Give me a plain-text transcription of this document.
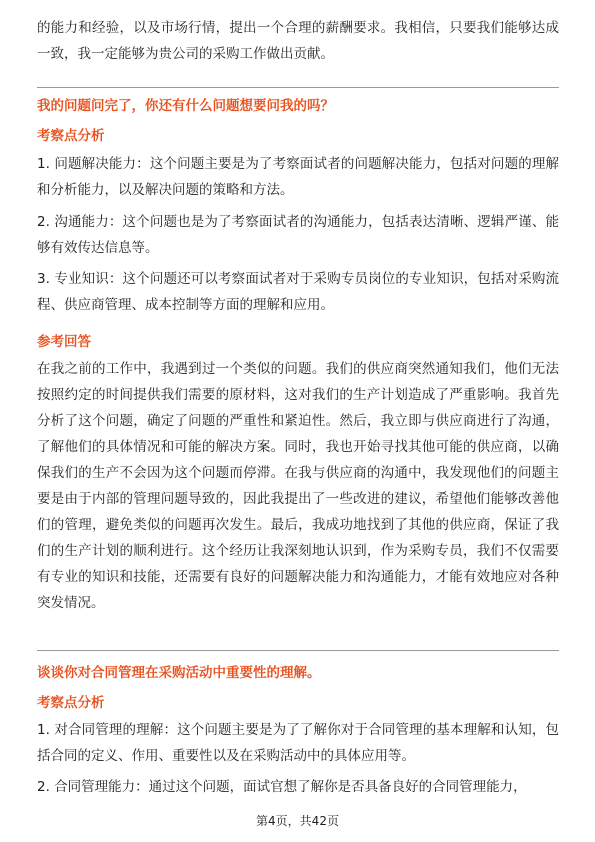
的能力和经验，以及市场行情，提出一个合理的薪酬要求。我相信，只要我们能够达成一致，我一定能够为贵公司的采购工作做出贡献。

我的问题问完了，你还有什么问题想要问我的吗？

考察点分析

1. 问题解决能力：这个问题主要是为了考察面试者的问题解决能力，包括对问题的理解和分析能力，以及解决问题的策略和方法。

2. 沟通能力：这个问题也是为了考察面试者的沟通能力，包括表达清晰、逻辑严谨、能够有效传达信息等。

3. 专业知识：这个问题还可以考察面试者对于采购专员岗位的专业知识，包括对采购流程、供应商管理、成本控制等方面的理解和应用。

参考回答

在我之前的工作中，我遇到过一个类似的问题。我们的供应商突然通知我们，他们无法按照约定的时间提供我们需要的原材料，这对我们的生产计划造成了严重影响。我首先分析了这个问题，确定了问题的严重性和紧迫性。然后，我立即与供应商进行了沟通，了解他们的具体情况和可能的解决方案。同时，我也开始寻找其他可能的供应商，以确保我们的生产不会因为这个问题而停滞。在我与供应商的沟通中，我发现他们的问题主要是由于内部的管理问题导致的，因此我提出了一些改进的建议，希望他们能够改善他们的管理，避免类似的问题再次发生。最后，我成功地找到了其他的供应商，保证了我们的生产计划的顺利进行。这个经历让我深刻地认识到，作为采购专员，我们不仅需要有专业的知识和技能，还需要有良好的问题解决能力和沟通能力，才能有效地应对各种突发情况。

谈谈你对合同管理在采购活动中重要性的理解。

考察点分析

1. 对合同管理的理解：这个问题主要是为了了解你对于合同管理的基本理解和认知，包括合同的定义、作用、重要性以及在采购活动中的具体应用等。

2. 合同管理能力：通过这个问题，面试官想了解你是否具备良好的合同管理能力，

第4页，共42页
